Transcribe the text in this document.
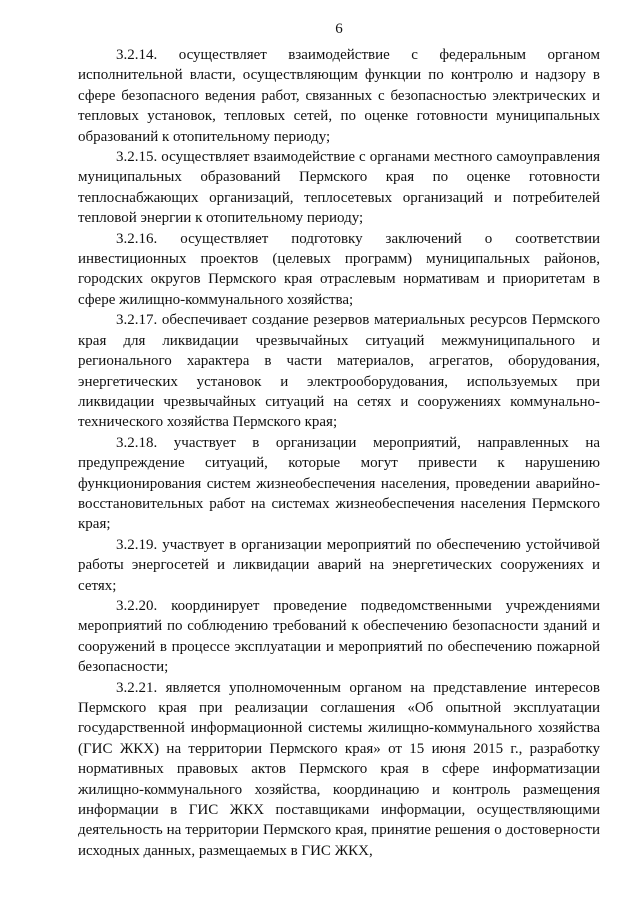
6

3.2.14. осуществляет взаимодействие с федеральным органом исполнительной власти, осуществляющим функции по контролю и надзору в сфере безопасного ведения работ, связанных с безопасностью электрических и тепловых установок, тепловых сетей, по оценке готовности муниципальных образований к отопительному периоду;

3.2.15. осуществляет взаимодействие с органами местного самоуправления муниципальных образований Пермского края по оценке готовности теплоснабжающих организаций, теплосетевых организаций и потребителей тепловой энергии к отопительному периоду;

3.2.16. осуществляет подготовку заключений о соответствии инвестиционных проектов (целевых программ) муниципальных районов, городских округов Пермского края отраслевым нормативам и приоритетам в сфере жилищно-коммунального хозяйства;

3.2.17. обеспечивает создание резервов материальных ресурсов Пермского края для ликвидации чрезвычайных ситуаций межмуниципального и регионального характера в части материалов, агрегатов, оборудования, энергетических установок и электрооборудования, используемых при ликвидации чрезвычайных ситуаций на сетях и сооружениях коммунально-технического хозяйства Пермского края;

3.2.18. участвует в организации мероприятий, направленных на предупреждение ситуаций, которые могут привести к нарушению функционирования систем жизнеобеспечения населения, проведении аварийно-восстановительных работ на системах жизнеобеспечения населения Пермского края;

3.2.19. участвует в организации мероприятий по обеспечению устойчивой работы энергосетей и ликвидации аварий на энергетических сооружениях и сетях;

3.2.20. координирует проведение подведомственными учреждениями мероприятий по соблюдению требований к обеспечению безопасности зданий и сооружений в процессе эксплуатации и мероприятий по обеспечению пожарной безопасности;

3.2.21. является уполномоченным органом на представление интересов Пермского края при реализации соглашения «Об опытной эксплуатации государственной информационной системы жилищно-коммунального хозяйства (ГИС ЖКХ) на территории Пермского края» от 15 июня 2015 г., разработку нормативных правовых актов Пермского края в сфере информатизации жилищно-коммунального хозяйства, координацию и контроль размещения информации в ГИС ЖКХ поставщиками информации, осуществляющими деятельность на территории Пермского края, принятие решения о достоверности исходных данных, размещаемых в ГИС ЖКХ,
